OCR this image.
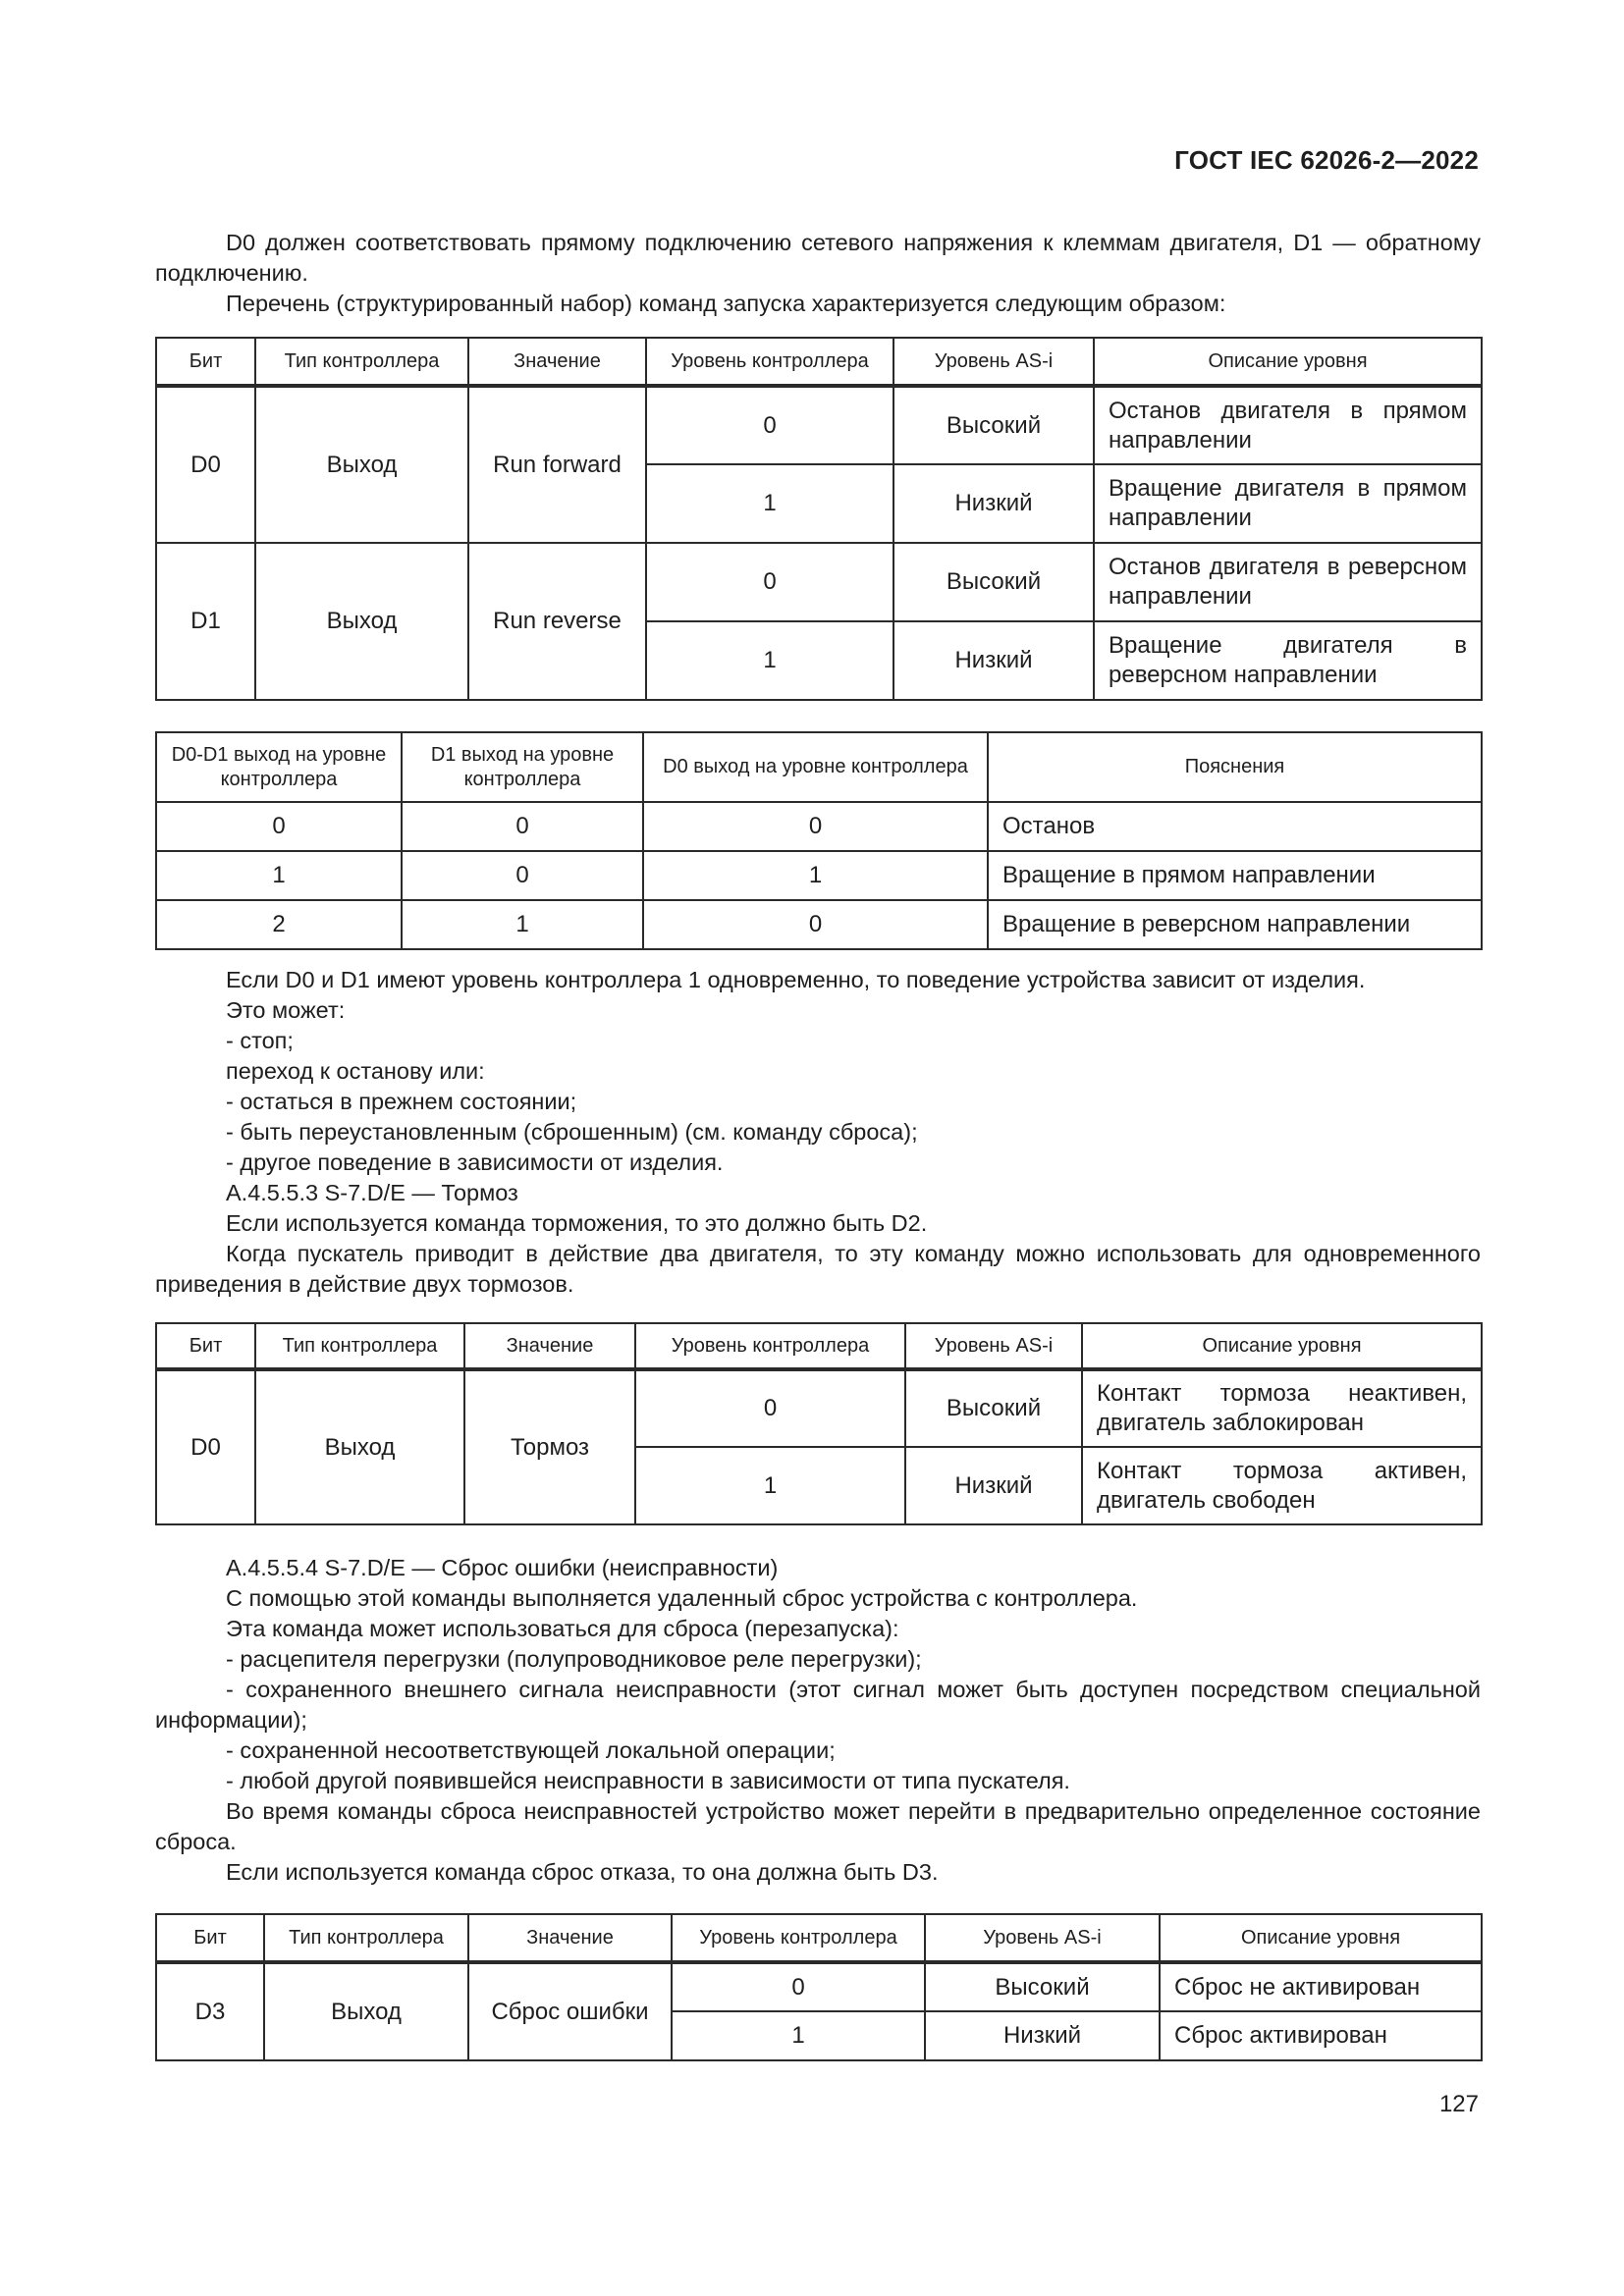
ГОСТ IEC 62026-2—2022

D0 должен соответствовать прямому подключению сетевого напряжения к клеммам двигателя, D1 — обратному подключению.

Перечень (структурированный набор) команд запуска характеризуется следующим образом:

Бит	Тип контроллера	Значение	Уровень контроллера	Уровень AS-i	Описание уровня
D0	Выход	Run forward	0	Высокий	Останов двигателя в прямом направлении
			1	Низкий	Вращение двигателя в прямом направлении
D1	Выход	Run reverse	0	Высокий	Останов двигателя в реверсном направлении
			1	Низкий	Вращение двигателя в реверсном направлении
D0-D1 выход на уровне контроллера	D1 выход на уровне контроллера	D0 выход на уровне контроллера	Пояснения
0	0	0	Останов
1	0	1	Вращение в прямом направлении
2	1	0	Вращение в реверсном направлении

Если D0 и D1 имеют уровень контроллера 1 одновременно, то поведение устройства зависит от изделия.

Это может:

- стоп;

переход к останову или:

- остаться в прежнем состоянии;

- быть переустановленным (сброшенным) (см. команду сброса);

- другое поведение в зависимости от изделия.

А.4.5.5.3 S-7.D/E — Тормоз

Если используется команда торможения, то это должно быть D2.

Когда пускатель приводит в действие два двигателя, то эту команду можно использовать для одновременного приведения в действие двух тормозов.

Бит	Тип контроллера	Значение	Уровень контроллера	Уровень AS-i	Описание уровня
D0	Выход	Тормоз	0	Высокий	Контакт тормоза неактивен, двигатель заблокирован
			1	Низкий	Контакт тормоза активен, двигатель свободен

А.4.5.5.4 S-7.D/E — Сброс ошибки (неисправности)

С помощью этой команды выполняется удаленный сброс устройства с контроллера.

Эта команда может использоваться для сброса (перезапуска):

- расцепителя перегрузки (полупроводниковое реле перегрузки);

- сохраненного внешнего сигнала неисправности (этот сигнал может быть доступен посредством специальной информации);

- сохраненной несоответствующей локальной операции;

- любой другой появившейся неисправности в зависимости от типа пускателя.

Во время команды сброса неисправностей устройство может перейти в предварительно определенное состояние сброса.

Если используется команда сброс отказа, то она должна быть D3.

Бит	Тип контроллера	Значение	Уровень контроллера	Уровень AS-i	Описание уровня
D3	Выход	Сброс ошибки	0	Высокий	Сброс не активирован
			1	Низкий	Сброс активирован
127
